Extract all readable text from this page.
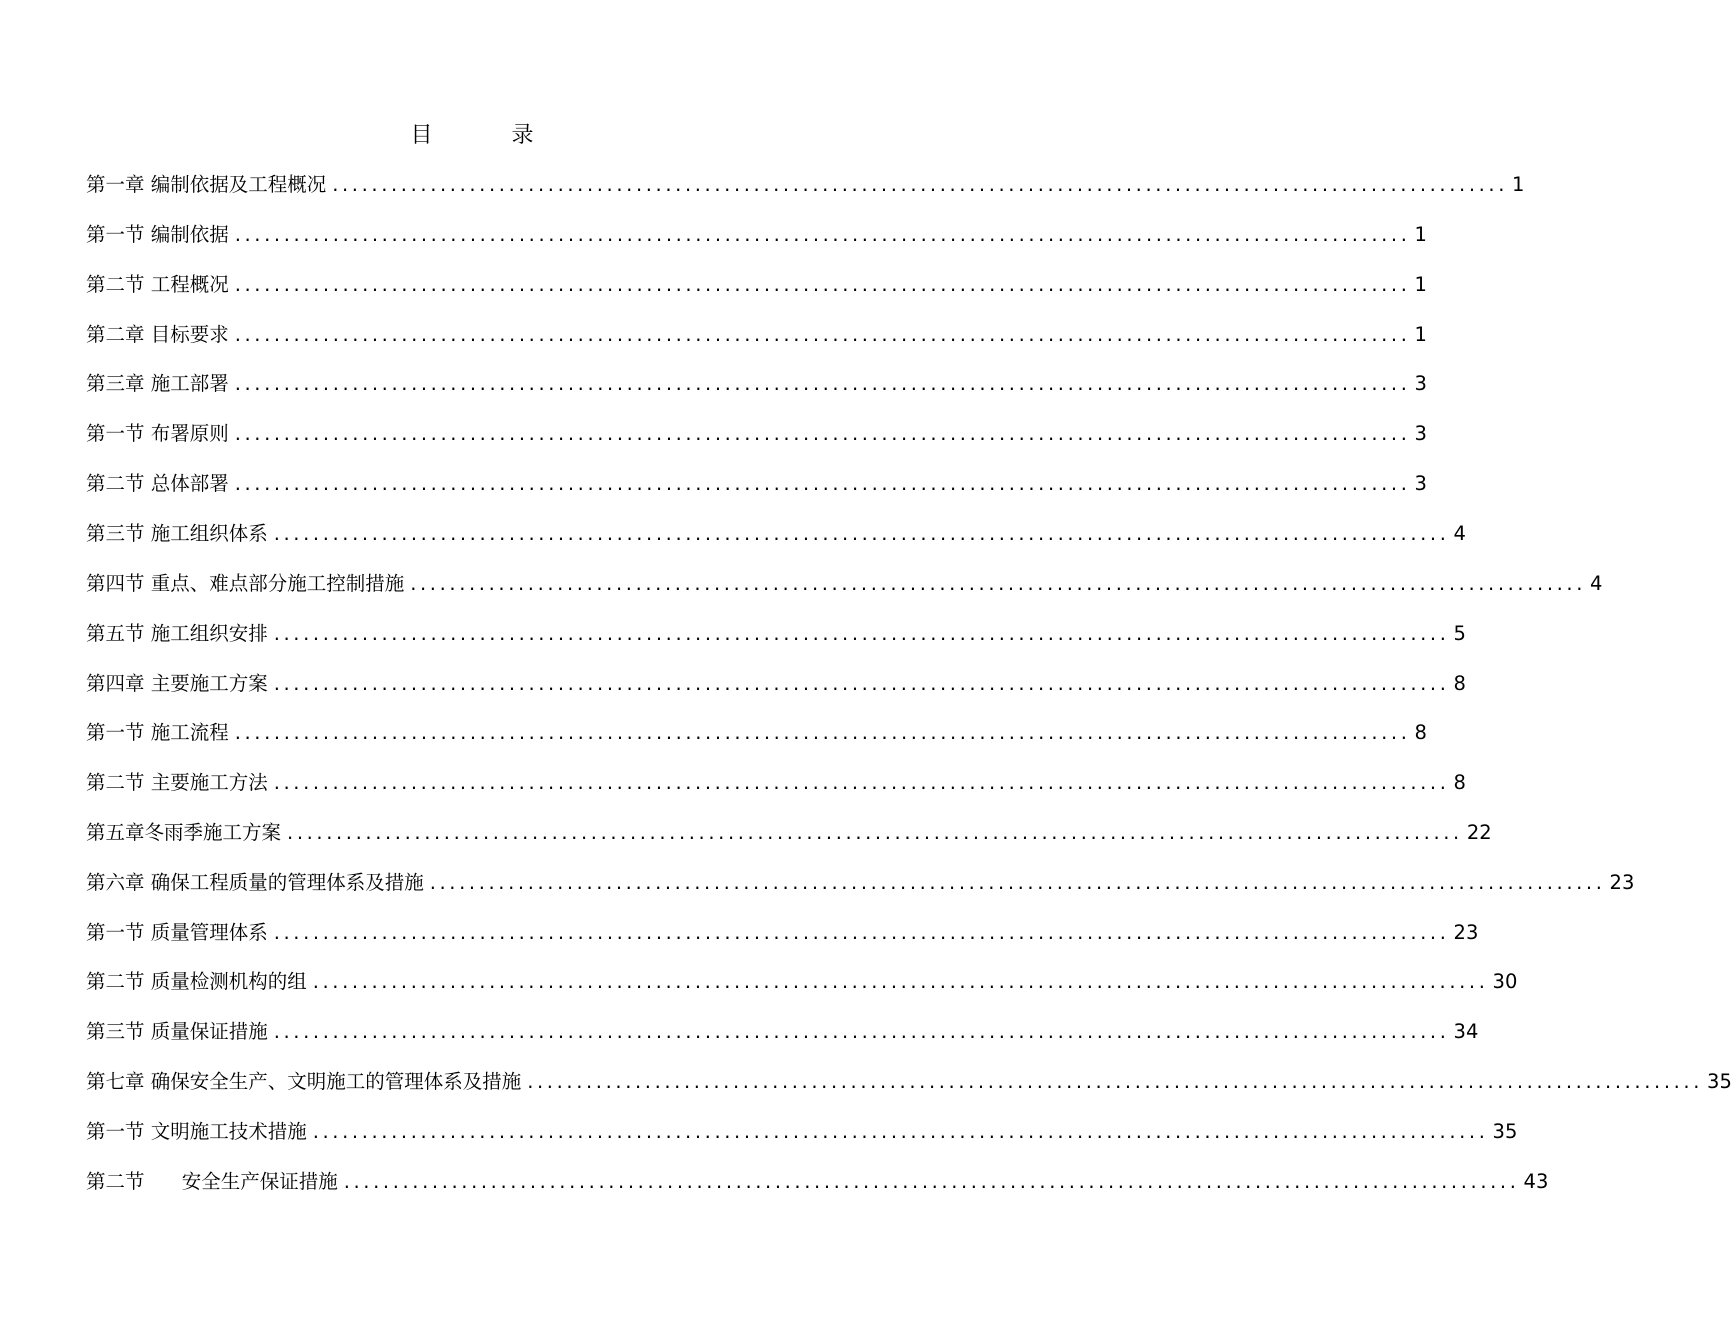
目 录
第一章 编制依据及工程概况 ........................................................................................................................ 1
第一节 编制依据 ........................................................................................................................ 1
第二节 工程概况 ........................................................................................................................ 1
第二章 目标要求 ........................................................................................................................ 1
第三章 施工部署 ........................................................................................................................ 3
第一节 布署原则 ........................................................................................................................ 3
第二节 总体部署 ........................................................................................................................ 3
第三节 施工组织体系 ........................................................................................................................ 4
第四节 重点、难点部分施工控制措施 ........................................................................................................................ 4
第五节 施工组织安排 ........................................................................................................................ 5
第四章 主要施工方案 ........................................................................................................................ 8
第一节 施工流程 ........................................................................................................................ 8
第二节 主要施工方法 ........................................................................................................................ 8
第五章冬雨季施工方案 ........................................................................................................................ 22
第六章 确保工程质量的管理体系及措施 ........................................................................................................................ 23
第一节 质量管理体系 ........................................................................................................................ 23
第二节 质量检测机构的组 ........................................................................................................................ 30
第三节 质量保证措施 ........................................................................................................................ 34
第七章 确保安全生产、文明施工的管理体系及措施 ........................................................................................................................ 35
第一节 文明施工技术措施 ........................................................................................................................ 35
第二节      安全生产保证措施 ........................................................................................................................ 43
